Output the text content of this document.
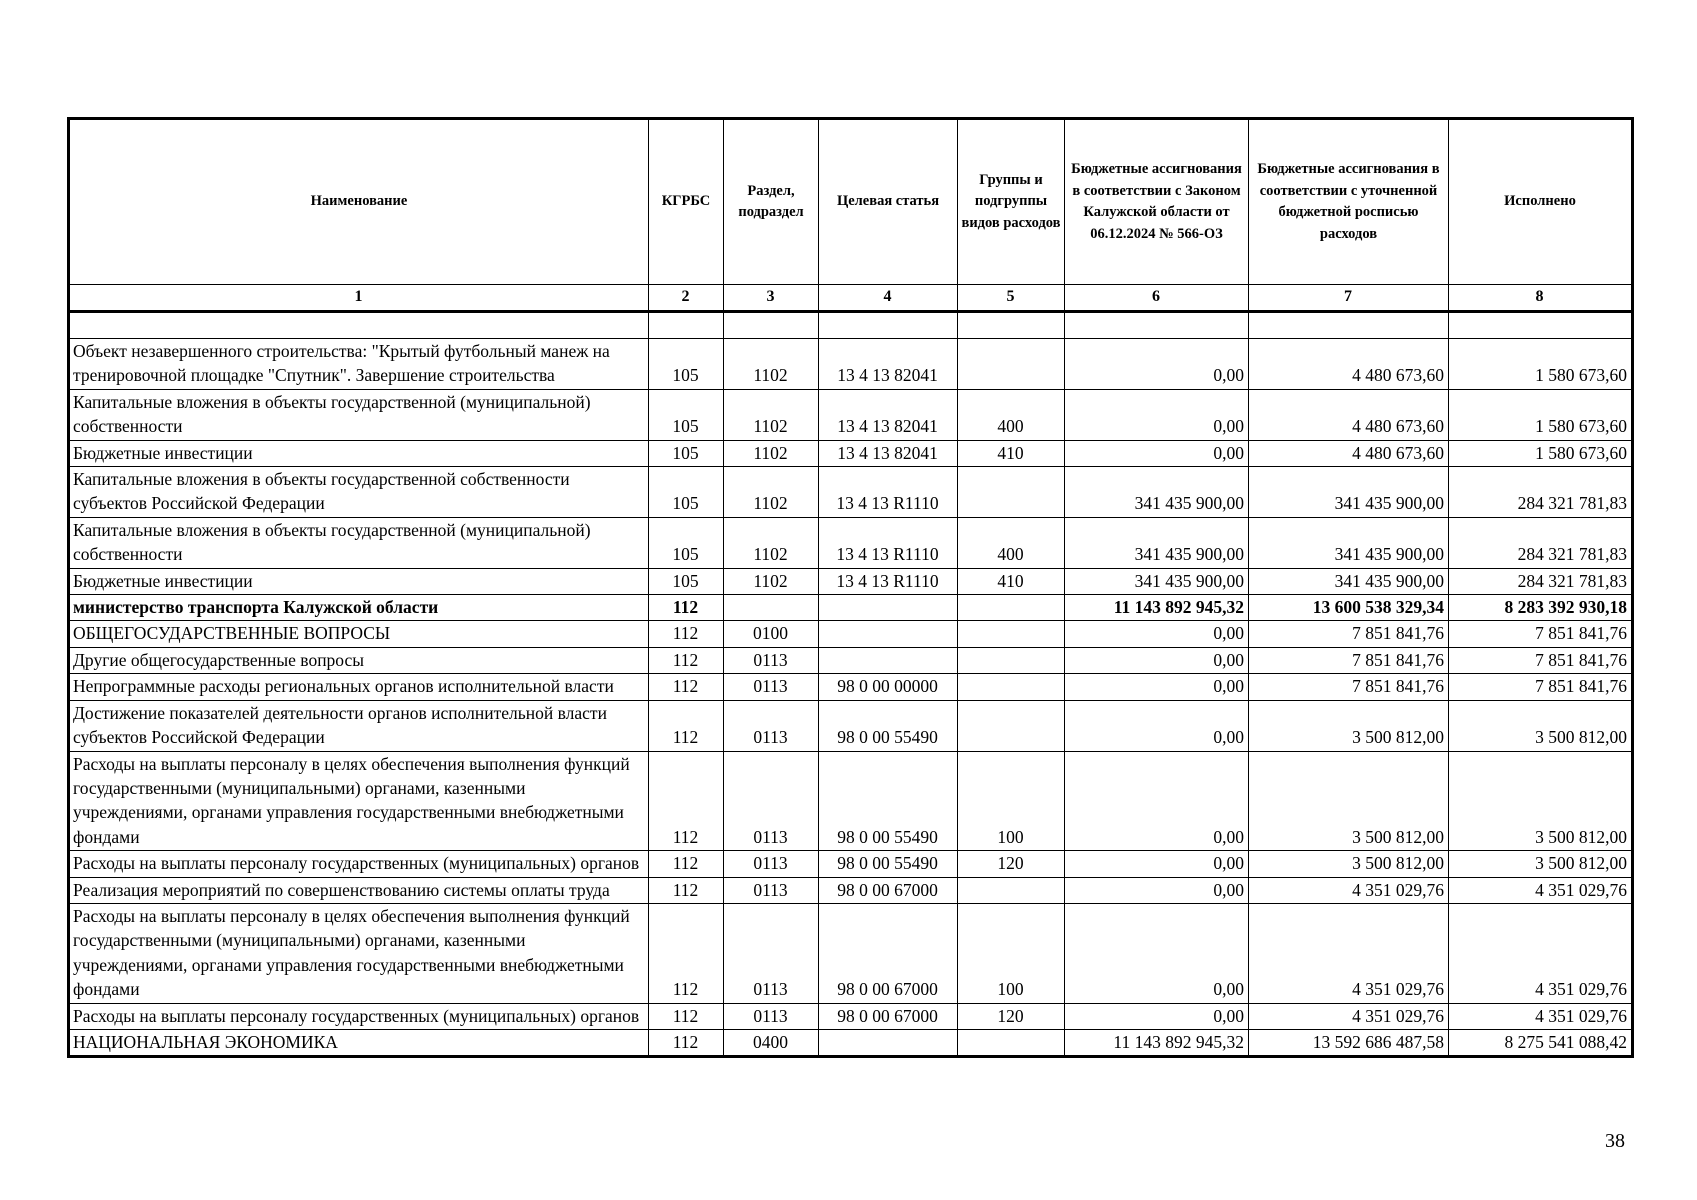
Наименование	КГРБС	Раздел, подраздел	Целевая статья	Группы и подгруппы видов расходов	Бюджетные ассигнования в соответствии с Законом Калужской области от 06.12.2024 № 566-ОЗ	Бюджетные ассигнования в соответствии с уточненной бюджетной росписью расходов	Исполнено
1	2	3	4	5	6	7	8

Объект незавершенного строительства: "Крытый футбольный манеж на тренировочной площадке "Спутник". Завершение строительства	105	1102	13 4 13 82041		0,00	4 480 673,60	1 580 673,60
Капитальные вложения в объекты государственной (муниципальной) собственности	105	1102	13 4 13 82041	400	0,00	4 480 673,60	1 580 673,60
Бюджетные инвестиции	105	1102	13 4 13 82041	410	0,00	4 480 673,60	1 580 673,60
Капитальные вложения в объекты государственной собственности субъектов Российской Федерации	105	1102	13 4 13 R1110		341 435 900,00	341 435 900,00	284 321 781,83
Капитальные вложения в объекты государственной (муниципальной) собственности	105	1102	13 4 13 R1110	400	341 435 900,00	341 435 900,00	284 321 781,83
Бюджетные инвестиции	105	1102	13 4 13 R1110	410	341 435 900,00	341 435 900,00	284 321 781,83
министерство транспорта Калужской области	112				11 143 892 945,32	13 600 538 329,34	8 283 392 930,18
ОБЩЕГОСУДАРСТВЕННЫЕ ВОПРОСЫ	112	0100			0,00	7 851 841,76	7 851 841,76
Другие общегосударственные вопросы	112	0113			0,00	7 851 841,76	7 851 841,76
Непрограммные расходы региональных органов исполнительной власти	112	0113	98 0 00 00000		0,00	7 851 841,76	7 851 841,76
Достижение показателей деятельности органов исполнительной власти субъектов Российской Федерации	112	0113	98 0 00 55490		0,00	3 500 812,00	3 500 812,00
Расходы на выплаты персоналу в целях обеспечения выполнения функций государственными (муниципальными) органами, казенными учреждениями, органами управления государственными внебюджетными фондами	112	0113	98 0 00 55490	100	0,00	3 500 812,00	3 500 812,00
Расходы на выплаты персоналу государственных (муниципальных) органов	112	0113	98 0 00 55490	120	0,00	3 500 812,00	3 500 812,00
Реализация мероприятий по совершенствованию системы оплаты труда	112	0113	98 0 00 67000		0,00	4 351 029,76	4 351 029,76
Расходы на выплаты персоналу в целях обеспечения выполнения функций государственными (муниципальными) органами, казенными учреждениями, органами управления государственными внебюджетными фондами	112	0113	98 0 00 67000	100	0,00	4 351 029,76	4 351 029,76
Расходы на выплаты персоналу государственных (муниципальных) органов	112	0113	98 0 00 67000	120	0,00	4 351 029,76	4 351 029,76
НАЦИОНАЛЬНАЯ ЭКОНОМИКА	112	0400			11 143 892 945,32	13 592 686 487,58	8 275 541 088,42
38
